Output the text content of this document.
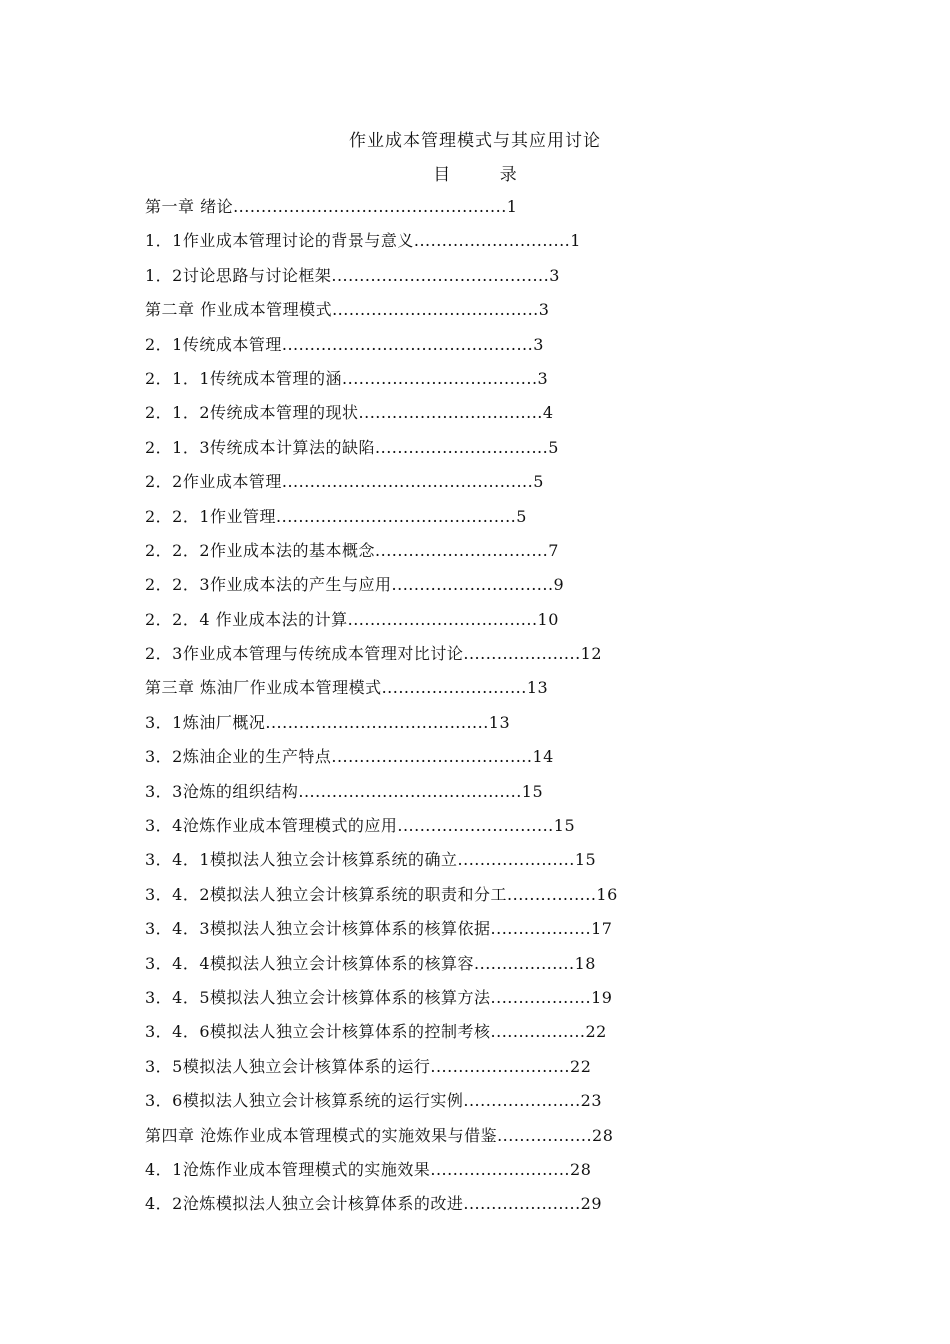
作业成本管理模式与其应用讨论
目 录
第一章 绪论.................................................1
1．1作业成本管理讨论的背景与意义............................1
1．2讨论思路与讨论框架.......................................3
第二章 作业成本管理模式.....................................3
2．1传统成本管理.............................................3
2．1．1传统成本管理的涵...................................3
2．1．2传统成本管理的现状.................................4
2．1．3传统成本计算法的缺陷...............................5
2．2作业成本管理.............................................5
2．2．1作业管理...........................................5
2．2．2作业成本法的基本概念...............................7
2．2．3作业成本法的产生与应用.............................9
2．2．4 作业成本法的计算..................................10
2．3作业成本管理与传统成本管理对比讨论.....................12
第三章 炼油厂作业成本管理模式..........................13
3．1炼油厂概况........................................13
3．2炼油企业的生产特点....................................14
3．3沧炼的组织结构........................................15
3．4沧炼作业成本管理模式的应用............................15
3．4．1模拟法人独立会计核算系统的确立.....................15
3．4．2模拟法人独立会计核算系统的职责和分工................16
3．4．3模拟法人独立会计核算体系的核算依据..................17
3．4．4模拟法人独立会计核算体系的核算容..................18
3．4．5模拟法人独立会计核算体系的核算方法..................19
3．4．6模拟法人独立会计核算体系的控制考核.................22
3．5模拟法人独立会计核算体系的运行.........................22
3．6模拟法人独立会计核算系统的运行实例.....................23
第四章 沧炼作业成本管理模式的实施效果与借鉴.................28
4．1沧炼作业成本管理模式的实施效果.........................28
4．2沧炼模拟法人独立会计核算体系的改进.....................29
